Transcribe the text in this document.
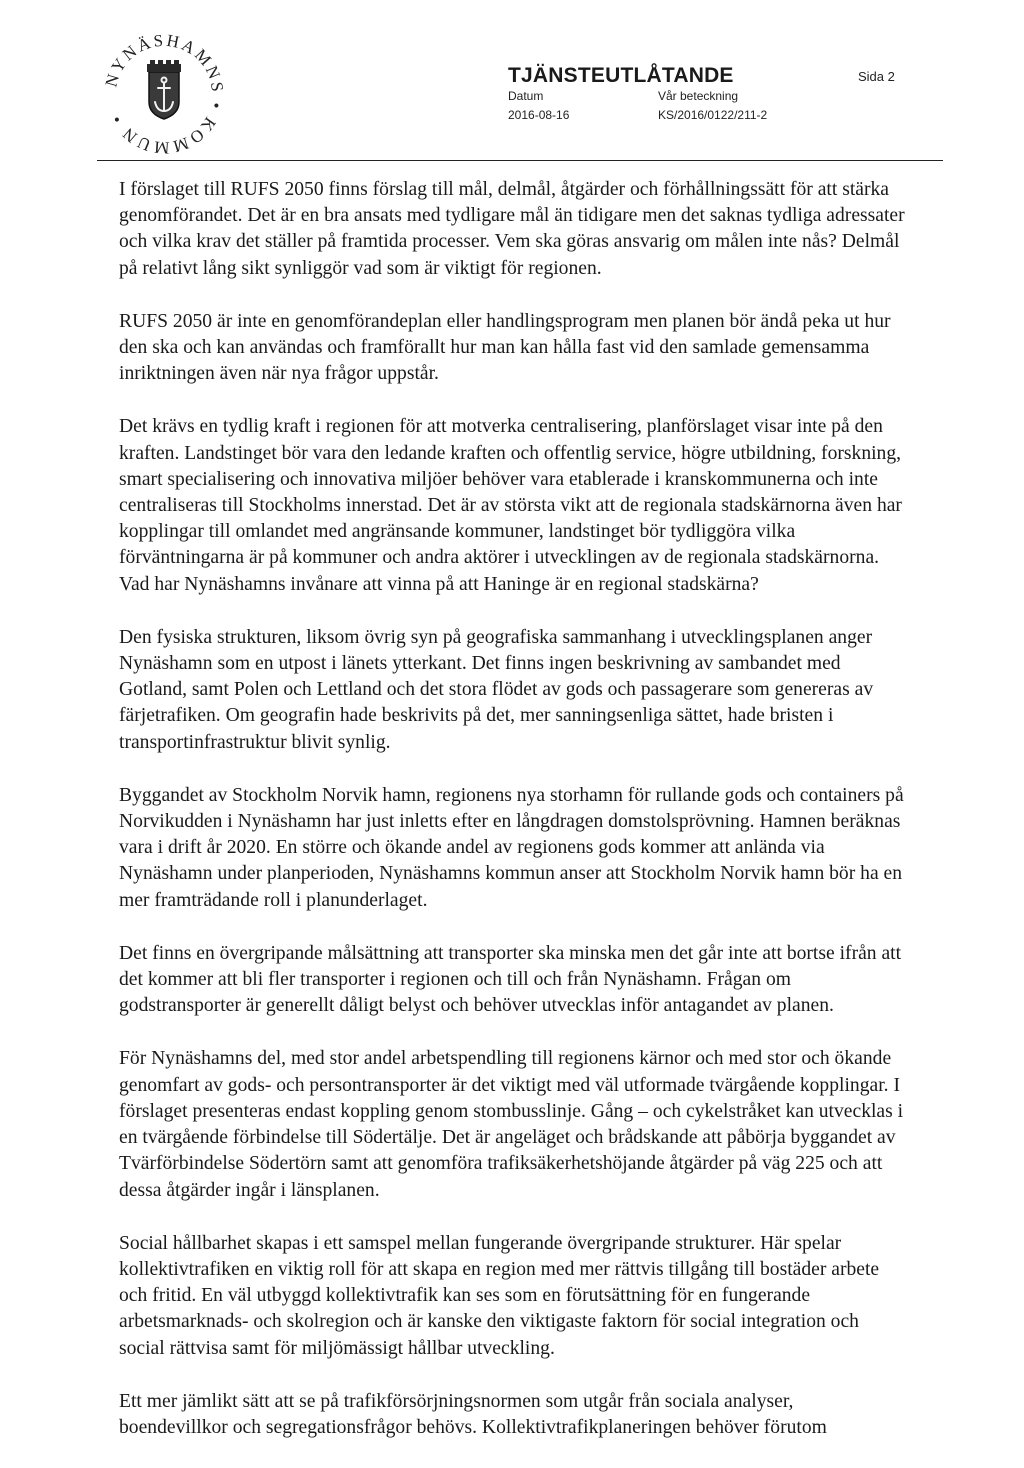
NYNÄSHAMNS • KOMMUN •
TJÄNSTEUTLÅTANDE
Datum
2016-08-16
Vår beteckning
KS/2016/0122/211-2
Sida 2

I förslaget till RUFS 2050 finns förslag till mål, delmål, åtgärder och förhållningssätt för att stärka genomförandet. Det är en bra ansats med tydligare mål än tidigare men det saknas tydliga adressater och vilka krav det ställer på framtida processer. Vem ska göras ansvarig om målen inte nås? Delmål på relativt lång sikt synliggör vad som är viktigt för regionen.

RUFS 2050 är inte en genomförandeplan eller handlingsprogram men planen bör ändå peka ut hur den ska och kan användas och framförallt hur man kan hålla fast vid den samlade gemensamma inriktningen även när nya frågor uppstår.

Det krävs en tydlig kraft i regionen för att motverka centralisering, planförslaget visar inte på den kraften. Landstinget bör vara den ledande kraften och offentlig service, högre utbildning, forskning, smart specialisering och innovativa miljöer behöver vara etablerade i kranskommunerna och inte centraliseras till Stockholms innerstad. Det är av största vikt att de regionala stadskärnorna även har kopplingar till omlandet med angränsande kommuner, landstinget bör tydliggöra vilka förväntningarna är på kommuner och andra aktörer i utvecklingen av de regionala stadskärnorna. Vad har Nynäshamns invånare att vinna på att Haninge är en regional stadskärna?

Den fysiska strukturen, liksom övrig syn på geografiska sammanhang i utvecklingsplanen anger Nynäshamn som en utpost i länets ytterkant. Det finns ingen beskrivning av sambandet med Gotland, samt Polen och Lettland och det stora flödet av gods och passagerare som genereras av färjetrafiken. Om geografin hade beskrivits på det, mer sanningsenliga sättet, hade bristen i transportinfrastruktur blivit synlig.

Byggandet av Stockholm Norvik hamn, regionens nya storhamn för rullande gods och containers på Norvikudden i Nynäshamn har just inletts efter en långdragen domstolsprövning. Hamnen beräknas vara i drift år 2020. En större och ökande andel av regionens gods kommer att anlända via Nynäshamn under planperioden, Nynäshamns kommun anser att Stockholm Norvik hamn bör ha en mer framträdande roll i planunderlaget.

Det finns en övergripande målsättning att transporter ska minska men det går inte att bortse ifrån att det kommer att bli fler transporter i regionen och till och från Nynäshamn. Frågan om godstransporter är generellt dåligt belyst och behöver utvecklas inför antagandet av planen.

För Nynäshamns del, med stor andel arbetspendling till regionens kärnor och med stor och ökande genomfart av gods- och persontransporter är det viktigt med väl utformade tvärgående kopplingar. I förslaget presenteras endast koppling genom stombusslinje. Gång – och cykelstråket kan utvecklas i en tvärgående förbindelse till Södertälje. Det är angeläget och brådskande att påbörja byggandet av Tvärförbindelse Södertörn samt att genomföra trafiksäkerhetshöjande åtgärder på väg 225 och att dessa åtgärder ingår i länsplanen.

Social hållbarhet skapas i ett samspel mellan fungerande övergripande strukturer. Här spelar kollektivtrafiken en viktig roll för att skapa en region med mer rättvis tillgång till bostäder arbete och fritid. En väl utbyggd kollektivtrafik kan ses som en förutsättning för en fungerande arbetsmarknads- och skolregion och är kanske den viktigaste faktorn för social integration och social rättvisa samt för miljömässigt hållbar utveckling.

Ett mer jämlikt sätt att se på trafikförsörjningsnormen som utgår från sociala analyser, boendevillkor och segregationsfrågor behövs. Kollektivtrafikplaneringen behöver förutom
